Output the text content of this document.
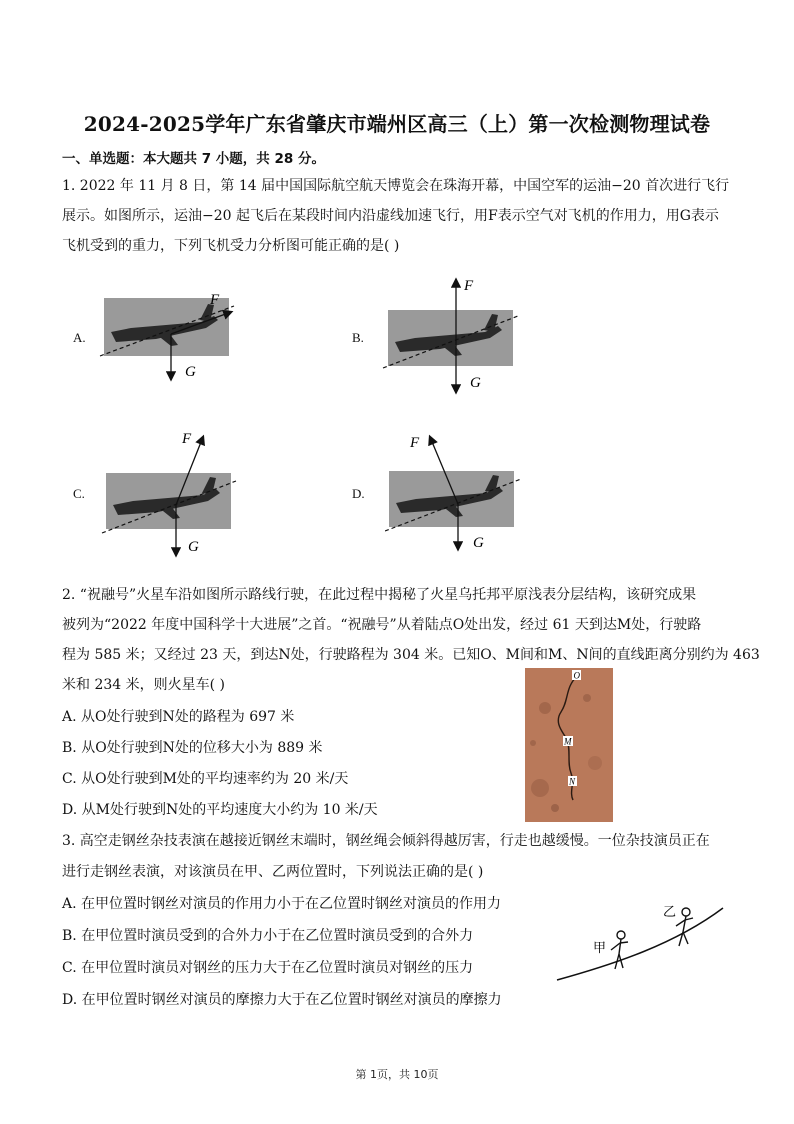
2024-2025学年广东省肇庆市端州区高三（上）第一次检测物理试卷
一、单选题：本大题共 7 小题，共 28 分。
1. 2022 年 11 月 8 日，第 14 届中国国际航空航天博览会在珠海开幕，中国空军的运油−20 首次进行飞行
展示。如图所示，运油−20 起飞后在某段时间内沿虚线加速飞行，用F表示空气对飞机的作用力，用G表示
飞机受到的重力，下列飞机受力分析图可能正确的是( )
A.	B.
C.	D.
F
G
F
G
F
G
F
G
2. “祝融号”火星车沿如图所示路线行驶，在此过程中揭秘了火星乌托邦平原浅表分层结构，该研究成果
被列为“2022 年度中国科学十大进展”之首。“祝融号”从着陆点O处出发，经过 61 天到达M处，行驶路
程为 585 米；又经过 23 天，到达N处，行驶路程为 304 米。已知O、M间和M、N间的直线距离分别约为 463
米和 234 米，则火星车( )
A. 从O处行驶到N处的路程为 697 米
B. 从O处行驶到N处的位移大小为 889 米
C. 从O处行驶到M处的平均速率约为 20 米/天
D. 从M处行驶到N处的平均速度大小约为 10 米/天
O
M
N
3. 高空走钢丝杂技表演在越接近钢丝末端时，钢丝绳会倾斜得越厉害，行走也越缓慢。一位杂技演员正在
进行走钢丝表演，对该演员在甲、乙两位置时，下列说法正确的是( )
A. 在甲位置时钢丝对演员的作用力小于在乙位置时钢丝对演员的作用力
B. 在甲位置时演员受到的合外力小于在乙位置时演员受到的合外力
C. 在甲位置时演员对钢丝的压力大于在乙位置时演员对钢丝的压力
D. 在甲位置时钢丝对演员的摩擦力大于在乙位置时钢丝对演员的摩擦力
甲
乙
第 1页，共 10页
